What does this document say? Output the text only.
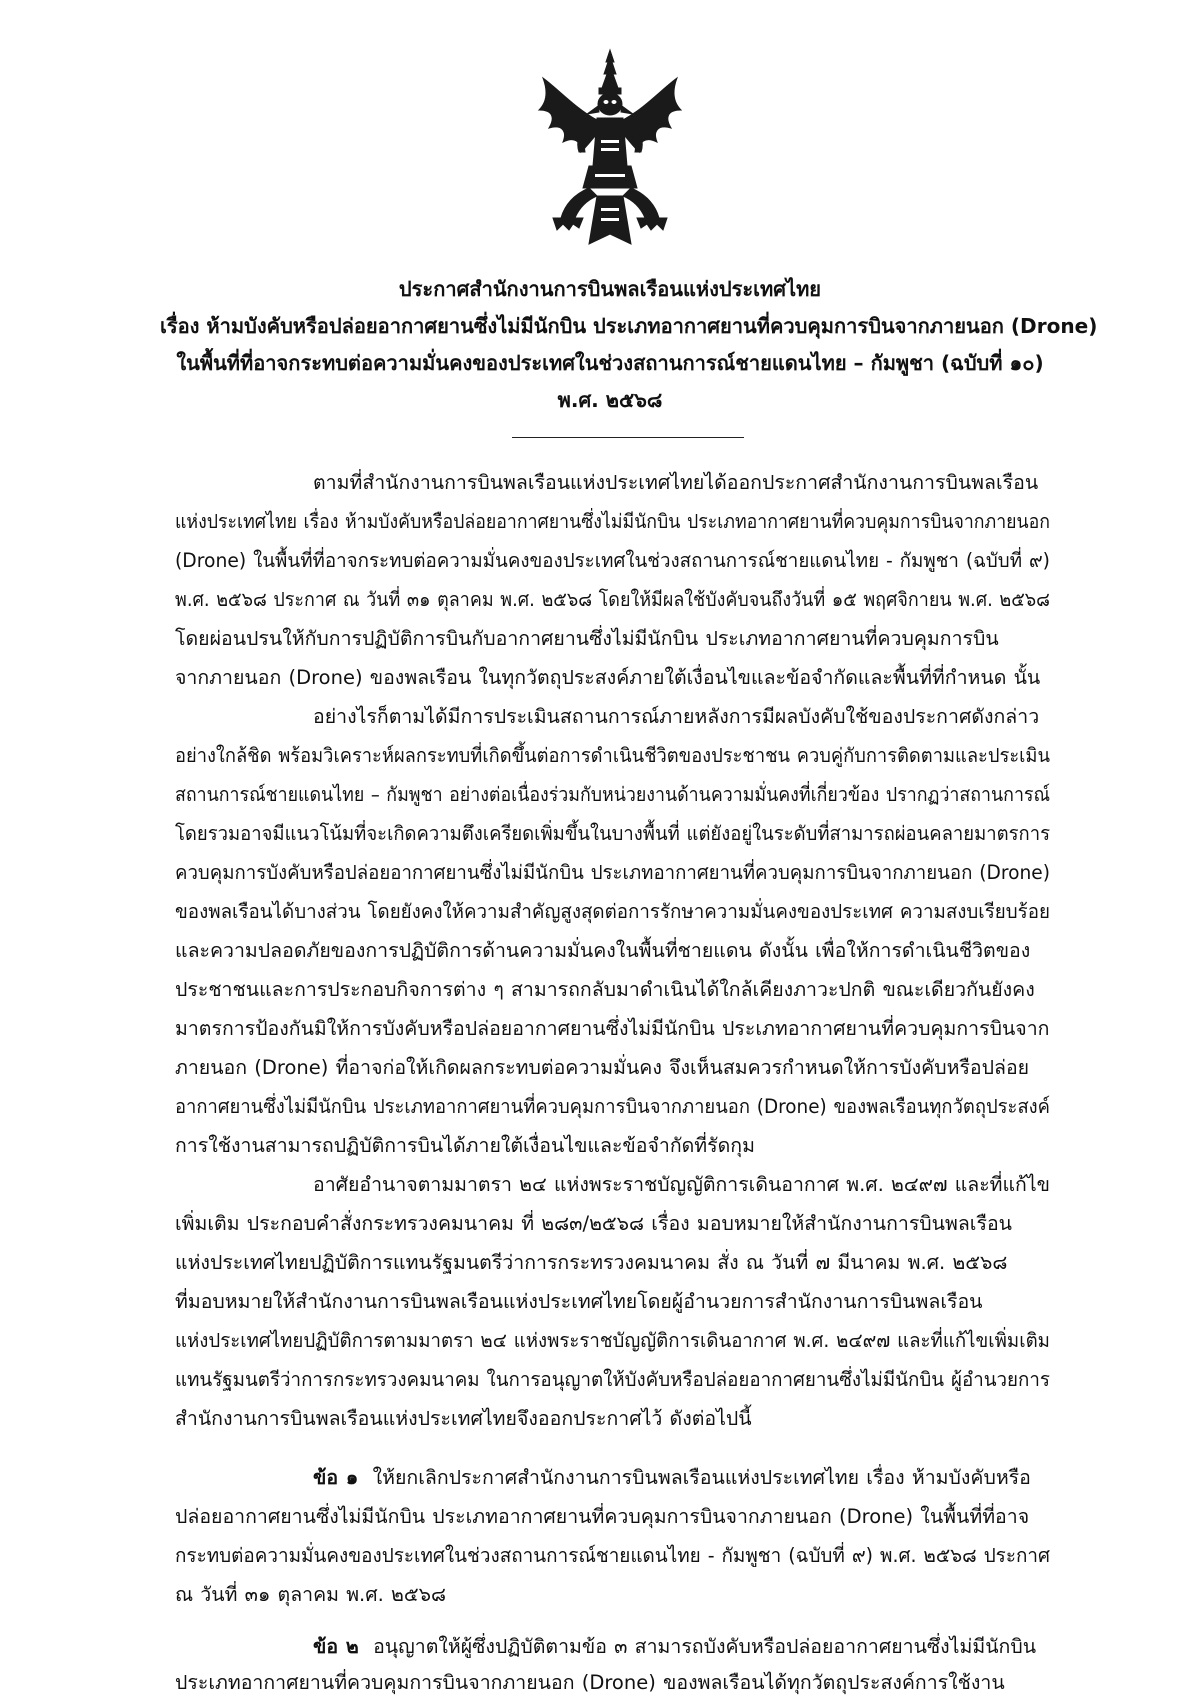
ประกาศสำนักงานการบินพลเรือนแห่งประเทศไทย
เรื่อง ห้ามบังคับหรือปล่อยอากาศยานซึ่งไม่มีนักบิน ประเภทอากาศยานที่ควบคุมการบินจากภายนอก (Drone)
ในพื้นที่ที่อาจกระทบต่อความมั่นคงของประเทศในช่วงสถานการณ์ชายแดนไทย – กัมพูชา (ฉบับที่ ๑๐)
พ.ศ. ๒๕๖๘
ตามที่สำนักงานการบินพลเรือนแห่งประเทศไทยได้ออกประกาศสำนักงานการบินพลเรือน
แห่งประเทศไทย เรื่อง ห้ามบังคับหรือปล่อยอากาศยานซึ่งไม่มีนักบิน ประเภทอากาศยานที่ควบคุมการบินจากภายนอก
(Drone) ในพื้นที่ที่อาจกระทบต่อความมั่นคงของประเทศในช่วงสถานการณ์ชายแดนไทย - กัมพูชา (ฉบับที่ ๙)
พ.ศ. ๒๕๖๘ ประกาศ ณ วันที่ ๓๑ ตุลาคม พ.ศ. ๒๕๖๘ โดยให้มีผลใช้บังคับจนถึงวันที่ ๑๕ พฤศจิกายน พ.ศ. ๒๕๖๘
โดยผ่อนปรนให้กับการปฏิบัติการบินกับอากาศยานซึ่งไม่มีนักบิน ประเภทอากาศยานที่ควบคุมการบิน
จากภายนอก (Drone) ของพลเรือน ในทุกวัตถุประสงค์ภายใต้เงื่อนไขและข้อจำกัดและพื้นที่ที่กำหนด นั้น
อย่างไรก็ตามได้มีการประเมินสถานการณ์ภายหลังการมีผลบังคับใช้ของประกาศดังกล่าว
อย่างใกล้ชิด พร้อมวิเคราะห์ผลกระทบที่เกิดขึ้นต่อการดำเนินชีวิตของประชาชน ควบคู่กับการติดตามและประเมิน
สถานการณ์ชายแดนไทย – กัมพูชา อย่างต่อเนื่องร่วมกับหน่วยงานด้านความมั่นคงที่เกี่ยวข้อง ปรากฏว่าสถานการณ์
โดยรวมอาจมีแนวโน้มที่จะเกิดความตึงเครียดเพิ่มขึ้นในบางพื้นที่ แต่ยังอยู่ในระดับที่สามารถผ่อนคลายมาตรการ
ควบคุมการบังคับหรือปล่อยอากาศยานซึ่งไม่มีนักบิน ประเภทอากาศยานที่ควบคุมการบินจากภายนอก (Drone)
ของพลเรือนได้บางส่วน โดยยังคงให้ความสำคัญสูงสุดต่อการรักษาความมั่นคงของประเทศ ความสงบเรียบร้อย
และความปลอดภัยของการปฏิบัติการด้านความมั่นคงในพื้นที่ชายแดน ดังนั้น เพื่อให้การดำเนินชีวิตของ
ประชาชนและการประกอบกิจการต่าง ๆ สามารถกลับมาดำเนินได้ใกล้เคียงภาวะปกติ ขณะเดียวกันยังคง
มาตรการป้องกันมิให้การบังคับหรือปล่อยอากาศยานซึ่งไม่มีนักบิน ประเภทอากาศยานที่ควบคุมการบินจาก
ภายนอก (Drone) ที่อาจก่อให้เกิดผลกระทบต่อความมั่นคง จึงเห็นสมควรกำหนดให้การบังคับหรือปล่อย
อากาศยานซึ่งไม่มีนักบิน ประเภทอากาศยานที่ควบคุมการบินจากภายนอก (Drone) ของพลเรือนทุกวัตถุประสงค์
การใช้งานสามารถปฏิบัติการบินได้ภายใต้เงื่อนไขและข้อจำกัดที่รัดกุม
อาศัยอำนาจตามมาตรา ๒๔ แห่งพระราชบัญญัติการเดินอากาศ พ.ศ. ๒๔๙๗ และที่แก้ไข
เพิ่มเติม ประกอบคำสั่งกระทรวงคมนาคม ที่ ๒๘๓/๒๕๖๘ เรื่อง มอบหมายให้สำนักงานการบินพลเรือน
แห่งประเทศไทยปฏิบัติการแทนรัฐมนตรีว่าการกระทรวงคมนาคม สั่ง ณ วันที่ ๗ มีนาคม พ.ศ. ๒๕๖๘
ที่มอบหมายให้สำนักงานการบินพลเรือนแห่งประเทศไทยโดยผู้อำนวยการสำนักงานการบินพลเรือน
แห่งประเทศไทยปฏิบัติการตามมาตรา ๒๔ แห่งพระราชบัญญัติการเดินอากาศ พ.ศ. ๒๔๙๗ และที่แก้ไขเพิ่มเติม
แทนรัฐมนตรีว่าการกระทรวงคมนาคม ในการอนุญาตให้บังคับหรือปล่อยอากาศยานซึ่งไม่มีนักบิน ผู้อำนวยการ
สำนักงานการบินพลเรือนแห่งประเทศไทยจึงออกประกาศไว้ ดังต่อไปนี้
ข้อ ๑ ให้ยกเลิกประกาศสำนักงานการบินพลเรือนแห่งประเทศไทย เรื่อง ห้ามบังคับหรือ
ปล่อยอากาศยานซึ่งไม่มีนักบิน ประเภทอากาศยานที่ควบคุมการบินจากภายนอก (Drone) ในพื้นที่ที่อาจ
กระทบต่อความมั่นคงของประเทศในช่วงสถานการณ์ชายแดนไทย - กัมพูชา (ฉบับที่ ๙) พ.ศ. ๒๕๖๘ ประกาศ
ณ วันที่ ๓๑ ตุลาคม พ.ศ. ๒๕๖๘
ข้อ ๒ อนุญาตให้ผู้ซึ่งปฏิบัติตามข้อ ๓ สามารถบังคับหรือปล่อยอากาศยานซึ่งไม่มีนักบิน
ประเภทอากาศยานที่ควบคุมการบินจากภายนอก (Drone) ของพลเรือนได้ทุกวัตถุประสงค์การใช้งาน
